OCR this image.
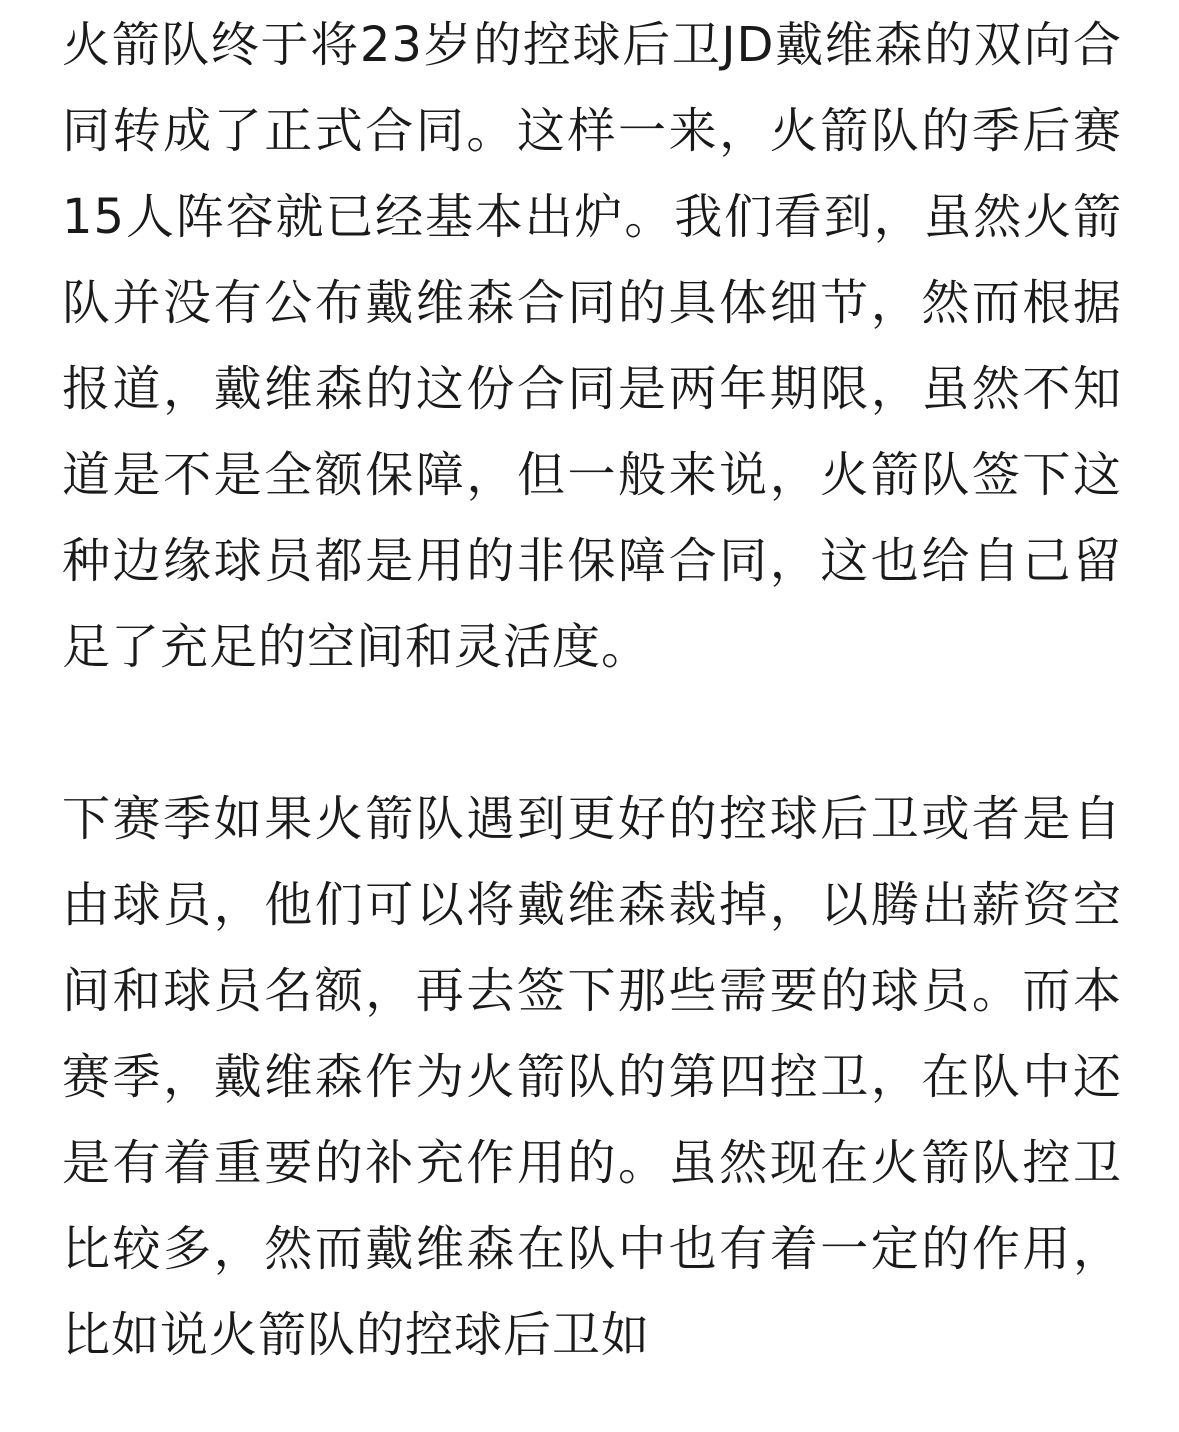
火箭队终于将23岁的控球后卫JD戴维森的双向合同转成了正式合同。这样一来，火箭队的季后赛15人阵容就已经基本出炉。我们看到，虽然火箭队并没有公布戴维森合同的具体细节，然而根据报道，戴维森的这份合同是两年期限，虽然不知道是不是全额保障，但一般来说，火箭队签下这种边缘球员都是用的非保障合同，这也给自己留足了充足的空间和灵活度。

下赛季如果火箭队遇到更好的控球后卫或者是自由球员，他们可以将戴维森裁掉，以腾出薪资空间和球员名额，再去签下那些需要的球员。而本赛季，戴维森作为火箭队的第四控卫，在队中还是有着重要的补充作用的。虽然现在火箭队控卫比较多，然而戴维森在队中也有着一定的作用，比如说火箭队的控球后卫如
